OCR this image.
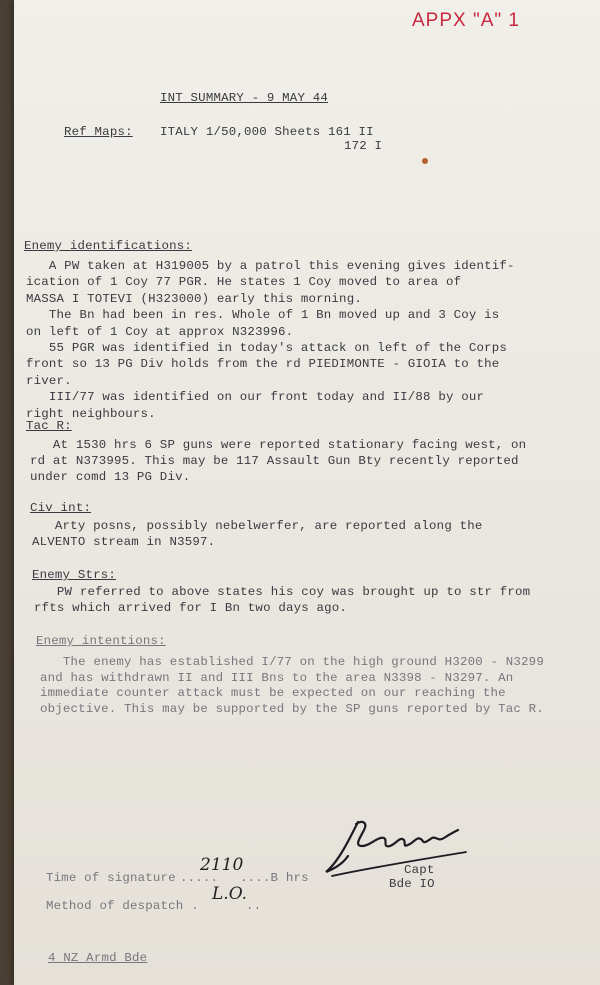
APPX "A" 1
INT SUMMARY - 9 MAY 44
Ref Maps: ITALY 1/50,000 Sheets 161 II
172 I
Enemy identifications:
A PW taken at H319005 by a patrol this evening gives identif-
ication of 1 Coy 77 PGR. He states 1 Coy moved to area of
MASSA I TOTEVI (H323000) early this morning.
The Bn had been in res. Whole of 1 Bn moved up and 3 Coy is
on left of 1 Coy at approx N323996.
55 PGR was identified in today's attack on left of the Corps
front so 13 PG Div holds from the rd PIEDIMONTE - GIOIA to the
river.
III/77 was identified on our front today and II/88 by our
right neighbours.
Tac R:
At 1530 hrs 6 SP guns were reported stationary facing west, on
rd at N373995. This may be 117 Assault Gun Bty recently reported
under comd 13 PG Div.
Civ int:
Arty posns, possibly nebelwerfer, are reported along the
ALVENTO stream in N3597.
Enemy Strs:
PW referred to above states his coy was brought up to str from
rfts which arrived for I Bn two days ago.
Enemy intentions:
The enemy has established I/77 on the high ground H3200 - N3299
and has withdrawn II and III Bns to the area N3398 - N3297. An
immediate counter attack must be expected on our reaching the
objective. This may be supported by the SP guns reported by Tac R.
Time of signature .....
2110
....B hrs
Method of despatch .
L.O.
..
Capt
Bde IO
4 NZ Armd Bde
